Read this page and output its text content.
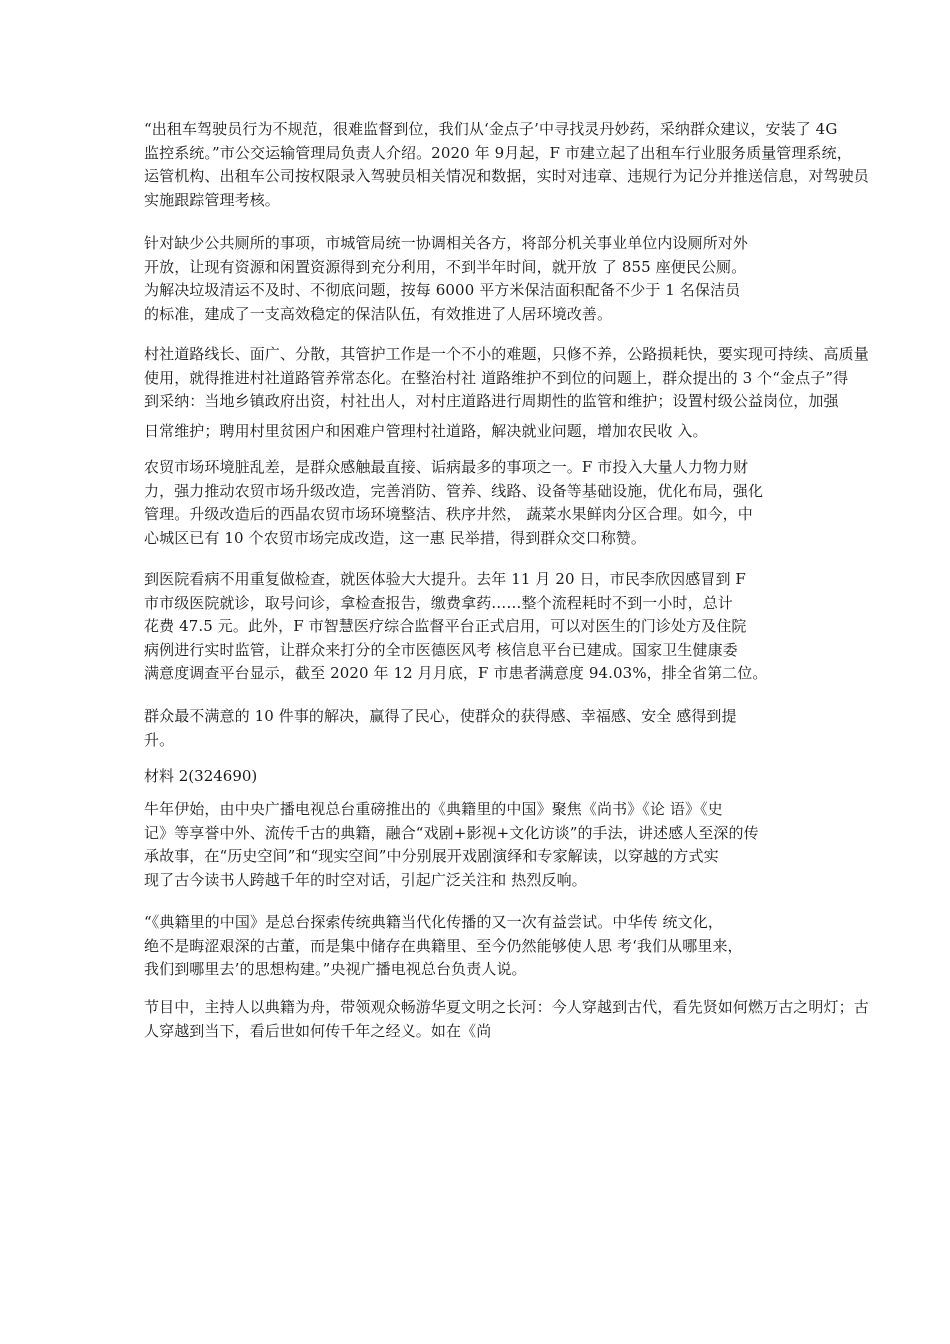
“出租车驾驶员行为不规范，很难监督到位，我们从‘金点子’中寻找灵丹妙药，采纳群众建议，安装了 4G
监控系统。”市公交运输管理局负责人介绍。2020 年 9月起，F 市建立起了出租车行业服务质量管理系统，
运管机构、出租车公司按权限录入驾驶员相关情况和数据，实时对违章、违规行为记分并推送信息，对驾驶员
实施跟踪管理考核。
针对缺少公共厕所的事项，市城管局统一协调相关各方，将部分机关事业单位内设厕所对外
开放，让现有资源和闲置资源得到充分利用，不到半年时间，就开放 了 855 座便民公厕。
为解决垃圾清运不及时、不彻底问题，按每 6000 平方米保洁面积配备不少于 1 名保洁员
的标准，建成了一支高效稳定的保洁队伍，有效推进了人居环境改善。
村社道路线长、面广、分散，其管护工作是一个不小的难题，只修不养，公路损耗快，要实现可持续、高质量
使用，就得推进村社道路管养常态化。在整治村社 道路维护不到位的问题上，群众提出的 3 个“金点子”得
到采纳：当地乡镇政府出资，村社出人，对村庄道路进行周期性的监管和维护；设置村级公益岗位，加强
日常维护；聘用村里贫困户和困难户管理村社道路，解决就业问题，增加农民收 入。
农贸市场环境脏乱差，是群众感触最直接、诟病最多的事项之一。F 市投入大量人力物力财
力，强力推动农贸市场升级改造，完善消防、管养、线路、设备等基础设施，优化布局，强化
管理。升级改造后的西晶农贸市场环境整洁、秩序井然， 蔬菜水果鲜肉分区合理。如今，中
心城区已有 10 个农贸市场完成改造，这一惠 民举措，得到群众交口称赞。
到医院看病不用重复做检查，就医体验大大提升。去年 11 月 20 日，市民李欣因感冒到 F
市市级医院就诊，取号问诊，拿检查报告，缴费拿药……整个流程耗时不到一小时，总计
花费 47.5 元。此外，F 市智慧医疗综合监督平台正式启用，可以对医生的门诊处方及住院
病例进行实时监管，让群众来打分的全市医德医风考 核信息平台已建成。国家卫生健康委
满意度调查平台显示，截至 2020 年 12 月月底，F 市患者满意度 94.03%，排全省第二位。
群众最不满意的 10 件事的解决，赢得了民心，使群众的获得感、幸福感、安全 感得到提
升。
材料 2(324690)
牛年伊始，由中央广播电视总台重磅推出的《典籍里的中国》聚焦《尚书》《论 语》《史
记》等享誉中外、流传千古的典籍，融合“戏剧+影视+文化访谈”的手法，讲述感人至深的传
承故事，在“历史空间”和“现实空间”中分别展开戏剧演绎和专家解读，以穿越的方式实
现了古今读书人跨越千年的时空对话，引起广泛关注和 热烈反响。
“《典籍里的中国》是总台探索传统典籍当代化传播的又一次有益尝试。中华传 统文化，
绝不是晦涩艰深的古董，而是集中储存在典籍里、至今仍然能够使人思 考‘我们从哪里来，
我们到哪里去’的思想构建。”央视广播电视总台负责人说。
节目中，主持人以典籍为舟，带领观众畅游华夏文明之长河：今人穿越到古代，看先贤如何燃万古之明灯；古
人穿越到当下，看后世如何传千年之经义。如在《尚
